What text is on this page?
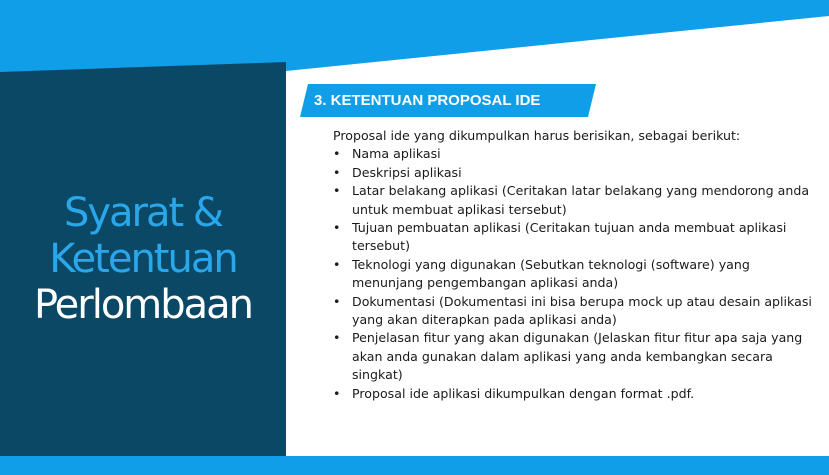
Syarat &
Ketentuan
Perlombaan
3. KETENTUAN PROPOSAL IDE

Proposal ide yang dikumpulkan harus berisikan, sebagai berikut:

• Nama aplikasi
• Deskripsi aplikasi
• Latar belakang aplikasi (Ceritakan latar belakang yang mendorong anda untuk membuat aplikasi tersebut)
• Tujuan pembuatan aplikasi (Ceritakan tujuan anda membuat aplikasi tersebut)
• Teknologi yang digunakan (Sebutkan teknologi (software) yang menunjang pengembangan aplikasi anda)
• Dokumentasi (Dokumentasi ini bisa berupa mock up atau desain aplikasi yang akan diterapkan pada aplikasi anda)
• Penjelasan fitur yang akan digunakan (Jelaskan fitur fitur apa saja yang akan anda gunakan dalam aplikasi yang anda kembangkan secara singkat)
• Proposal ide aplikasi dikumpulkan dengan format .pdf.
